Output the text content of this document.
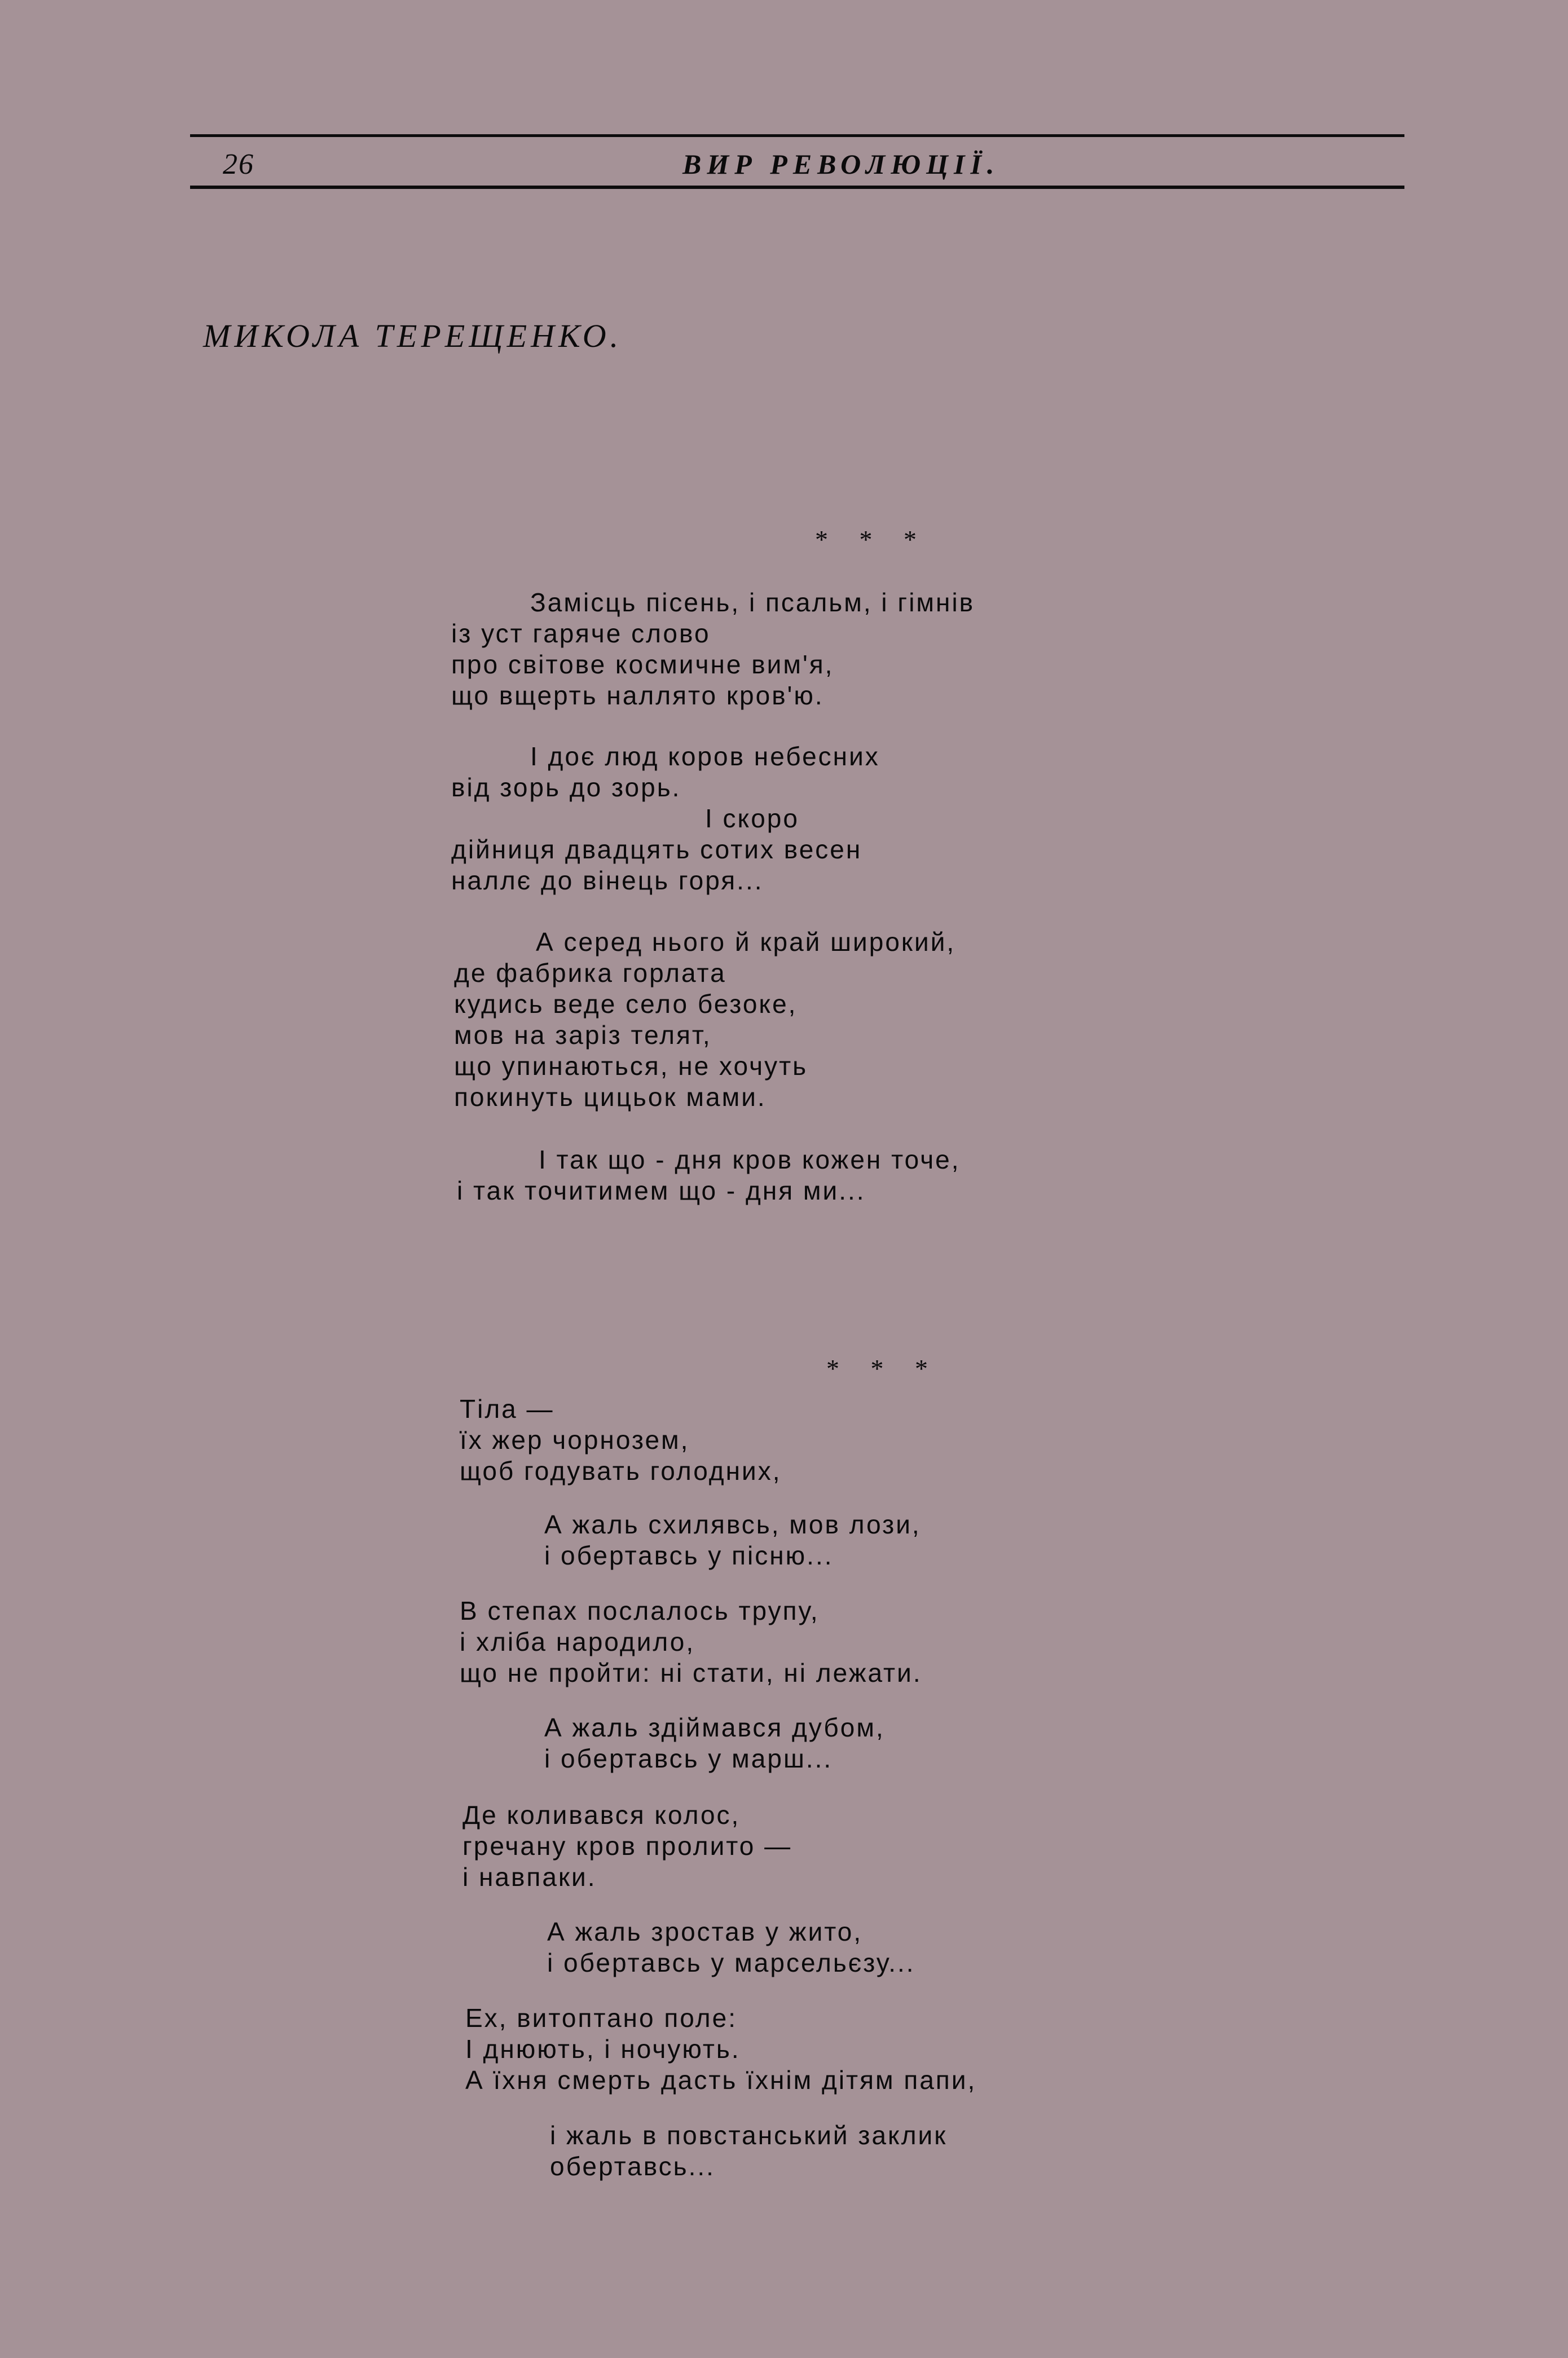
26	ВИР РЕВОЛЮЦІЇ.
МИКОЛА ТЕРЕЩЕНКО.
* * *
Замісць пісень, і псальм, і гімнів
із уст гаряче слово
про світове космичне вим'я,
що вщерть наллято кров'ю.
І доє люд коров небесних
від зорь до зорь.
І скоро
дійниця двадцять сотих весен
наллє до вінець горя...
А серед нього й край широкий,
де фабрика горлата
кудись веде село безоке,
мов на заріз телят,
що упинаються, не хочуть
покинуть цицьок мами.
І так що - дня кров кожен точе,
і так точитимем що - дня ми...
* * *
Тіла —
їх жер чорнозем,
щоб годувать голодних,
А жаль схилявсь, мов лози,
і обертавсь у пісню...
В степах послалось трупу,
і хліба народило,
що не пройти: ні стати, ні лежати.
А жаль здіймався дубом,
і обертавсь у марш...
Де коливався колос,
гречану кров пролито —
і навпаки.
А жаль зростав у жито,
і обертавсь у марсельєзу...
Ех, витоптано поле:
І днюють, і ночують.
А їхня смерть дасть їхнім дітям папи,
і жаль в повстанський заклик
обертавсь...
